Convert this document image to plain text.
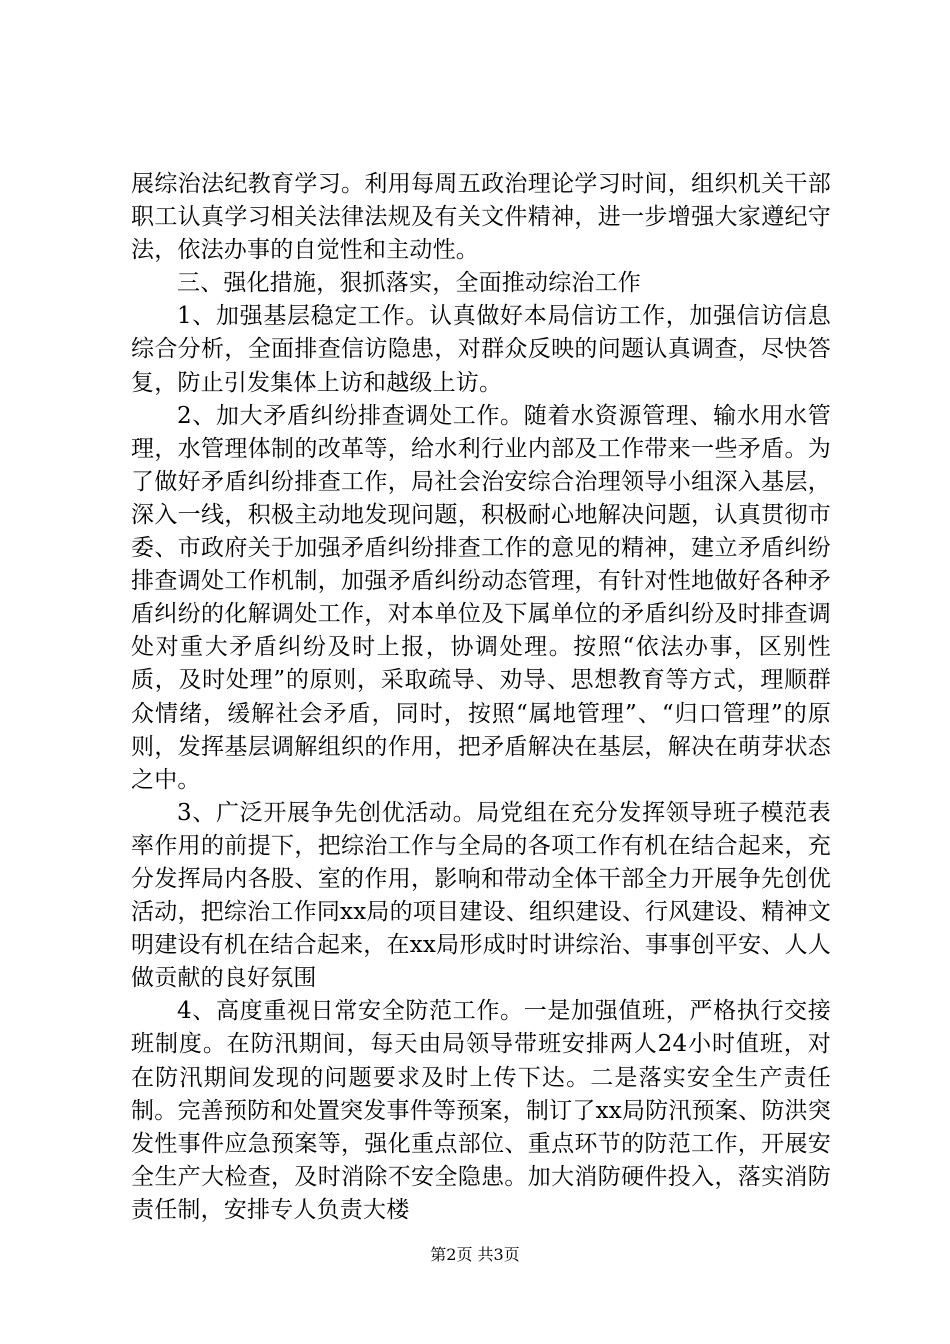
展综治法纪教育学习。利用每周五政治理论学习时间，组织机关干部职工认真学习相关法律法规及有关文件精神，进一步增强大家遵纪守法，依法办事的自觉性和主动性。

三、强化措施，狠抓落实，全面推动综治工作

1、加强基层稳定工作。认真做好本局信访工作，加强信访信息综合分析，全面排查信访隐患，对群众反映的问题认真调查，尽快答复，防止引发集体上访和越级上访。

2、加大矛盾纠纷排查调处工作。随着水资源管理、输水用水管理，水管理体制的改革等，给水利行业内部及工作带来一些矛盾。为了做好矛盾纠纷排查工作，局社会治安综合治理领导小组深入基层，深入一线，积极主动地发现问题，积极耐心地解决问题，认真贯彻市委、市政府关于加强矛盾纠纷排查工作的意见的精神，建立矛盾纠纷排查调处工作机制，加强矛盾纠纷动态管理，有针对性地做好各种矛盾纠纷的化解调处工作，对本单位及下属单位的矛盾纠纷及时排查调处对重大矛盾纠纷及时上报，协调处理。按照“依法办事，区别性质，及时处理”的原则，采取疏导、劝导、思想教育等方式，理顺群众情绪，缓解社会矛盾，同时，按照“属地管理”、“归口管理”的原则，发挥基层调解组织的作用，把矛盾解决在基层，解决在萌芽状态之中。

3、广泛开展争先创优活动。局党组在充分发挥领导班子模范表率作用的前提下，把综治工作与全局的各项工作有机在结合起来，充分发挥局内各股、室的作用，影响和带动全体干部全力开展争先创优活动，把综治工作同xx局的项目建设、组织建设、行风建设、精神文明建设有机在结合起来，在xx局形成时时讲综治、事事创平安、人人做贡献的良好氛围

4、高度重视日常安全防范工作。一是加强值班，严格执行交接班制度。在防汛期间，每天由局领导带班安排两人24小时值班，对在防汛期间发现的问题要求及时上传下达。二是落实安全生产责任制。完善预防和处置突发事件等预案，制订了xx局防汛预案、防洪突发性事件应急预案等，强化重点部位、重点环节的防范工作，开展安全生产大检查，及时消除不安全隐患。加大消防硬件投入，落实消防责任制，安排专人负责大楼

第2页 共3页
